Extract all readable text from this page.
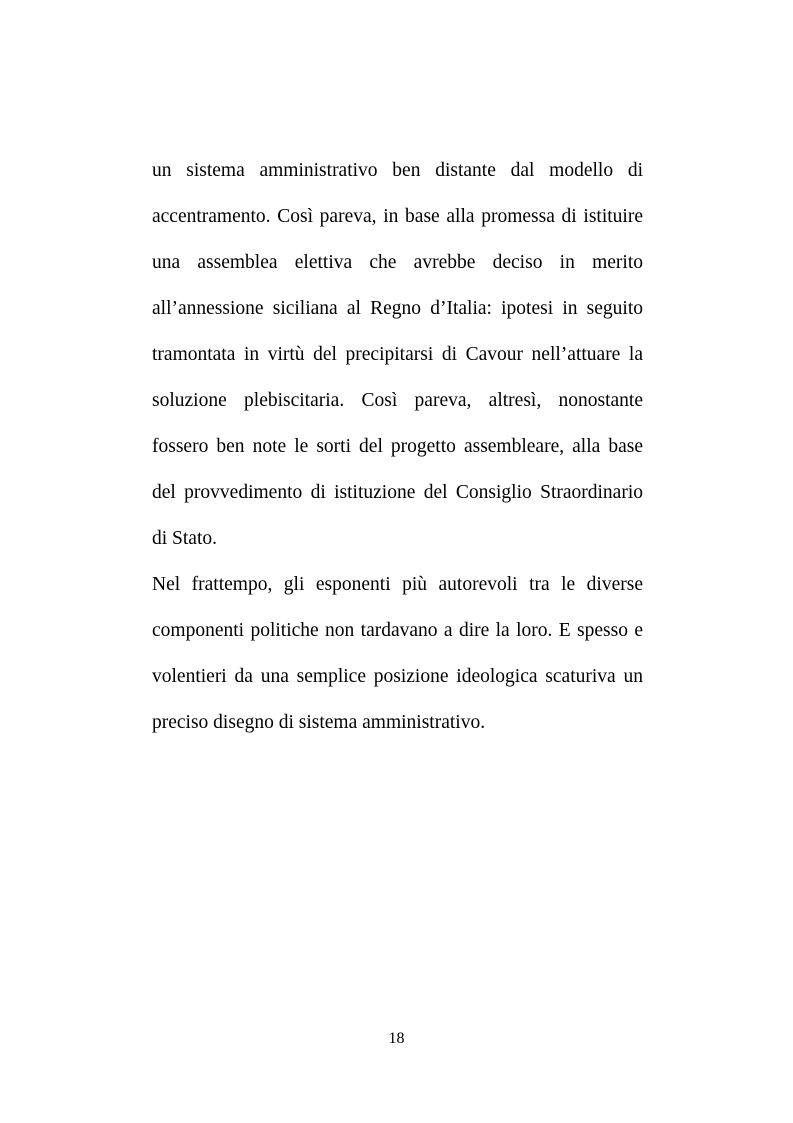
un sistema amministrativo ben distante dal modello di
accentramento. Così pareva, in base alla promessa di istituire
una assemblea elettiva che avrebbe deciso in merito
all’annessione siciliana al Regno d’Italia: ipotesi in seguito
tramontata in virtù del precipitarsi di Cavour nell’attuare la
soluzione plebiscitaria. Così pareva, altresì, nonostante
fossero ben note le sorti del progetto assembleare, alla base
del provvedimento di istituzione del Consiglio Straordinario
di Stato.
Nel frattempo, gli esponenti più autorevoli tra le diverse
componenti politiche non tardavano a dire la loro. E spesso e
volentieri da una semplice posizione ideologica scaturiva un
preciso disegno di sistema amministrativo.
18
